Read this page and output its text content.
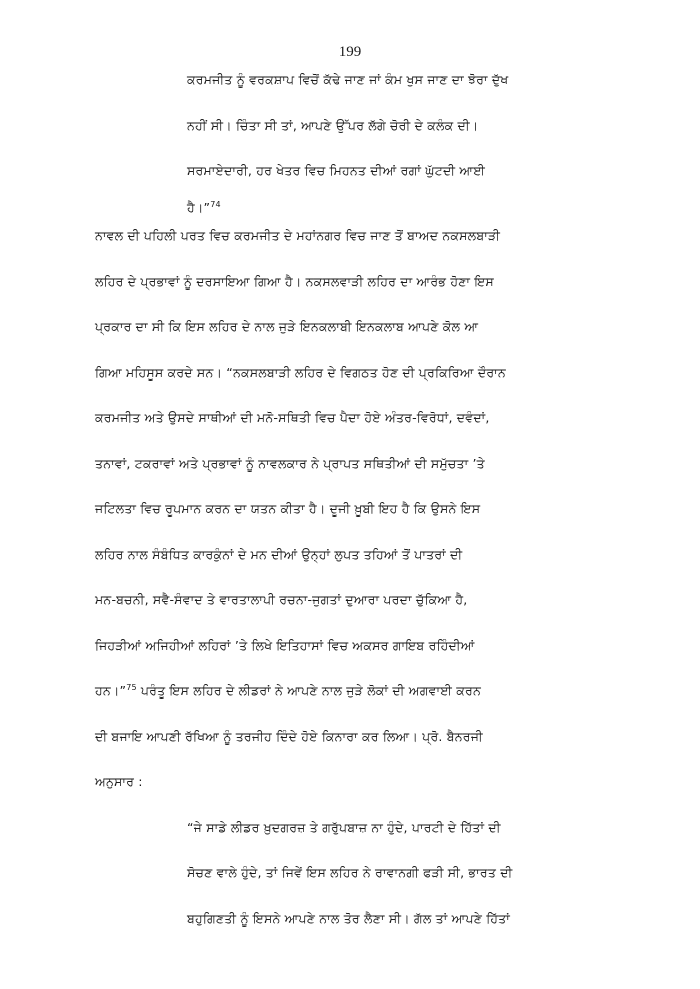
199
ਕਰਮਜੀਤ ਨੂੰ ਵਰਕਸ਼ਾਪ ਵਿਚੋਂ ਕੱਢੇ ਜਾਣ ਜਾਂ ਕੰਮ ਖੁਸ ਜਾਣ ਦਾ ਝੋਰਾ ਦੁੱਖ
ਨਹੀਂ ਸੀ। ਚਿੰਤਾ ਸੀ ਤਾਂ, ਆਪਣੇ ਉੱਪਰ ਲੱਗੇ ਚੋਰੀ ਦੇ ਕਲੰਕ ਦੀ।
ਸਰਮਾਏਦਾਰੀ, ਹਰ ਖੇਤਰ ਵਿਚ ਮਿਹਨਤ ਦੀਆਂ ਰਗਾਂ ਘੁੱਟਦੀ ਆਈ
ਹੈ।”$^{74}$
ਨਾਵਲ ਦੀ ਪਹਿਲੀ ਪਰਤ ਵਿਚ ਕਰਮਜੀਤ ਦੇ ਮਹਾਂਨਗਰ ਵਿਚ ਜਾਣ ਤੋਂ ਬਾਅਦ ਨਕਸਲਬਾੜੀ
ਲਹਿਰ ਦੇ ਪ੍ਰਭਾਵਾਂ ਨੂੰ ਦਰਸਾਇਆ ਗਿਆ ਹੈ। ਨਕਸਲਵਾੜੀ ਲਹਿਰ ਦਾ ਆਰੰਭ ਹੋਣਾ ਇਸ
ਪ੍ਰਕਾਰ ਦਾ ਸੀ ਕਿ ਇਸ ਲਹਿਰ ਦੇ ਨਾਲ ਜੁੜੇ ਇਨਕਲਾਬੀ ਇਨਕਲਾਬ ਆਪਣੇ ਕੋਲ ਆ
ਗਿਆ ਮਹਿਸੂਸ ਕਰਦੇ ਸਨ। “ਨਕਸਲਬਾੜੀ ਲਹਿਰ ਦੇ ਵਿਗਠਤ ਹੋਣ ਦੀ ਪ੍ਰਕਿਰਿਆ ਦੌਰਾਨ
ਕਰਮਜੀਤ ਅਤੇ ਉਸਦੇ ਸਾਥੀਆਂ ਦੀ ਮਨੋ-ਸਥਿਤੀ ਵਿਚ ਪੈਦਾ ਹੋਏ ਅੰਤਰ-ਵਿਰੋਧਾਂ, ਦਵੰਦਾਂ,
ਤਨਾਵਾਂ, ਟਕਰਾਵਾਂ ਅਤੇ ਪ੍ਰਭਾਵਾਂ ਨੂੰ ਨਾਵਲਕਾਰ ਨੇ ਪ੍ਰਾਪਤ ਸਥਿਤੀਆਂ ਦੀ ਸਮੁੱਚਤਾ ’ਤੇ
ਜਟਿਲਤਾ ਵਿਚ ਰੂਪਮਾਨ ਕਰਨ ਦਾ ਯਤਨ ਕੀਤਾ ਹੈ। ਦੂਜੀ ਖ਼ੂਬੀ ਇਹ ਹੈ ਕਿ ਉਸਨੇ ਇਸ
ਲਹਿਰ ਨਾਲ ਸੰਬੰਧਿਤ ਕਾਰਕੁੰਨਾਂ ਦੇ ਮਨ ਦੀਆਂ ਉਨ੍ਹਾਂ ਲੁਪਤ ਤਹਿਆਂ ਤੋਂ ਪਾਤਰਾਂ ਦੀ
ਮਨ-ਬਚਨੀ, ਸਵੈ-ਸੰਵਾਦ ਤੇ ਵਾਰਤਾਲਾਪੀ ਰਚਨਾ-ਜੁਗਤਾਂ ਦੁਆਰਾ ਪਰਦਾ ਚੁੱਕਿਆ ਹੈ,
ਜਿਹੜੀਆਂ ਅਜਿਹੀਆਂ ਲਹਿਰਾਂ ’ਤੇ ਲਿਖੇ ਇਤਿਹਾਸਾਂ ਵਿਚ ਅਕਸਰ ਗਾਇਬ ਰਹਿੰਦੀਆਂ
ਹਨ।”$^{75}$ ਪਰੰਤੂ ਇਸ ਲਹਿਰ ਦੇ ਲੀਡਰਾਂ ਨੇ ਆਪਣੇ ਨਾਲ ਜੁੜੇ ਲੋਕਾਂ ਦੀ ਅਗਵਾਈ ਕਰਨ
ਦੀ ਬਜਾਇ ਆਪਣੀ ਰੱਖਿਆ ਨੂੰ ਤਰਜੀਹ ਦਿੰਦੇ ਹੋਏ ਕਿਨਾਰਾ ਕਰ ਲਿਆ। ਪ੍ਰੋ. ਬੈਨਰਜੀ
ਅਨੁਸਾਰ :
“ਜੇ ਸਾਡੇ ਲੀਡਰ ਖ਼ੁਦਗਰਜ਼ ਤੇ ਗਰੁੱਪਬਾਜ਼ ਨਾ ਹੁੰਦੇ, ਪਾਰਟੀ ਦੇ ਹਿੱਤਾਂ ਦੀ
ਸੋਚਣ ਵਾਲੇ ਹੁੰਦੇ, ਤਾਂ ਜਿਵੇਂ ਇਸ ਲਹਿਰ ਨੇ ਰਾਵਾਨਗੀ ਫੜੀ ਸੀ, ਭਾਰਤ ਦੀ
ਬਹੁਗਿਣਤੀ ਨੂੰ ਇਸਨੇ ਆਪਣੇ ਨਾਲ ਤੋਰ ਲੈਣਾ ਸੀ। ਗੱਲ ਤਾਂ ਆਪਣੇ ਹਿੱਤਾਂ
